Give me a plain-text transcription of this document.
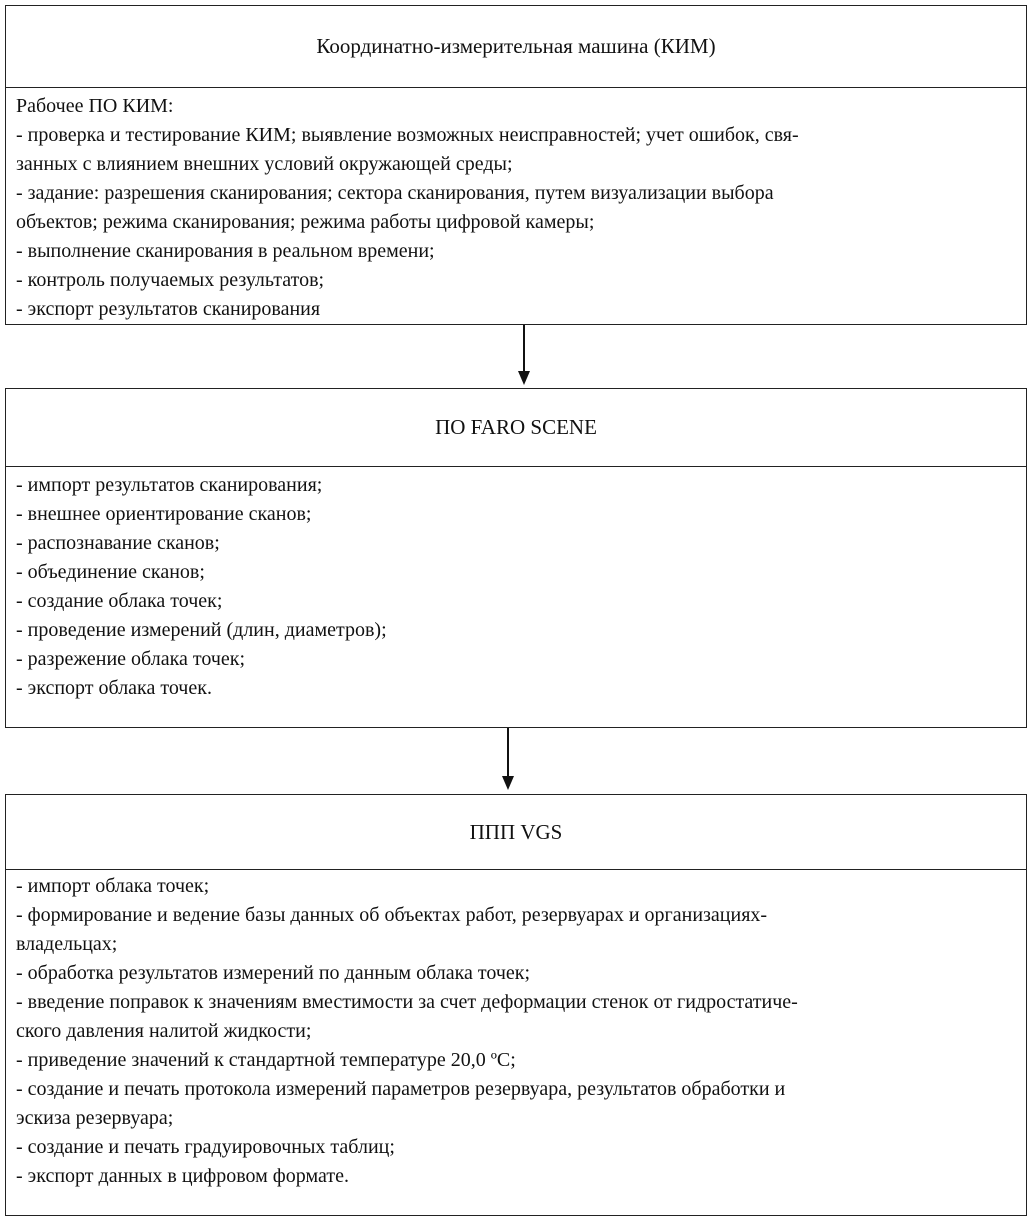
Координатно-измерительная машина (КИМ)
Рабочее ПО КИМ:
- проверка и тестирование КИМ; выявление возможных неисправностей; учет ошибок, свя-
занных с влиянием внешних условий окружающей среды;
- задание: разрешения сканирования; сектора сканирования, путем визуализации выбора
объектов; режима сканирования; режима работы цифровой камеры;
- выполнение сканирования в реальном времени;
- контроль получаемых результатов;
- экспорт результатов сканирования
ПО FARO SCENE
- импорт результатов сканирования;
- внешнее ориентирование сканов;
- распознавание сканов;
- объединение сканов;
- создание облака точек;
- проведение измерений (длин, диаметров);
- разрежение облака точек;
- экспорт облака точек.
ППП VGS
- импорт облака точек;
- формирование и ведение базы данных об объектах работ, резервуарах и организациях-
владельцах;
- обработка результатов измерений по данным облака точек;
- введение поправок к значениям вместимости за счет деформации стенок от гидростатиче-
ского давления налитой жидкости;
- приведение значений к стандартной температуре 20,0 ºС;
- создание и печать протокола измерений параметров резервуара, результатов обработки и
эскиза резервуара;
- создание и печать градуировочных таблиц;
- экспорт данных в цифровом формате.
